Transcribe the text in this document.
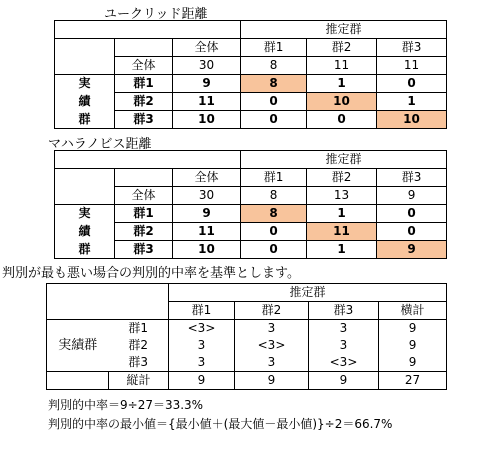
ユークリッド距離
			推定群		
		全体	群1	群2	群3
	全体	30	8	11	11
実	群1	9	8	1	0
績	群2	11	0	10	1
群	群3	10	0	0	10
マハラノビス距離
			推定群		
		全体	群1	群2	群3
	全体	30	8	13	9
実	群1	9	8	1	0
績	群2	11	0	11	0
群	群3	10	0	1	9
判別が最も悪い場合の判別的中率を基準とします。
		推定群			
		群1	群2	群3	横計
実績群	群1	<3>	3	3	9
	群2	3	<3>	3	9
	群3	3	3	<3>	9
	縦計	9	9	9	27
判別的中率＝9÷27＝33.3%
判別的中率の最小値＝{最小値＋(最大値－最小値)}÷2＝66.7%
